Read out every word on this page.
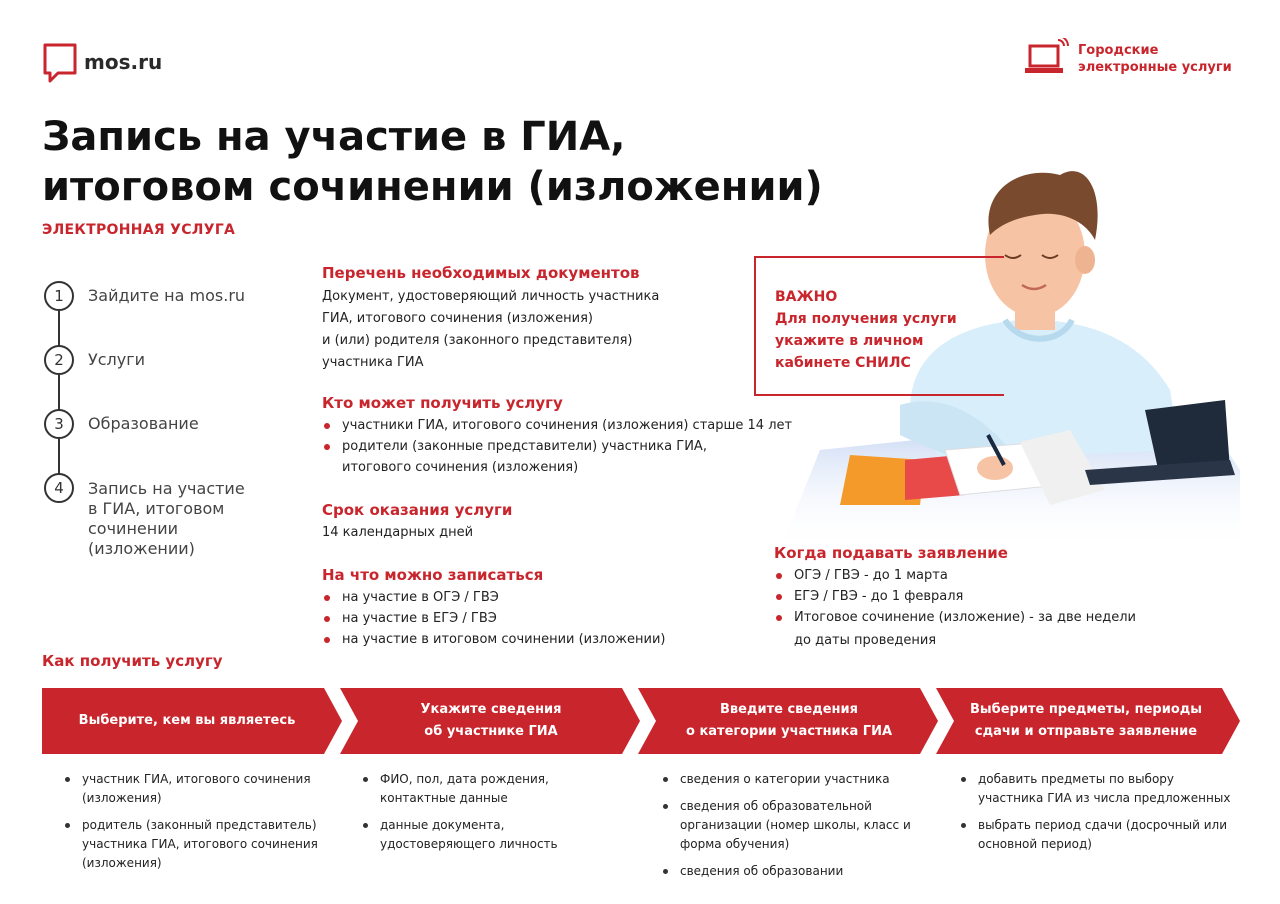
mos.ru	Городские
электронные услуги
Запись на участие в ГИА,
итоговом сочинении (изложении)
ЭЛЕКТРОННАЯ УСЛУГА
1	Зайдите на mos.ru
2	Услуги
3	Образование
4	Запись на участие
в ГИА, итоговом
сочинении
(изложении)
Перечень необходимых документов
Документ, удостоверяющий личность участника
ГИА, итогового сочинения (изложения)
и (или) родителя (законного представителя)
участника ГИА
Кто может получить услугу
участники ГИА, итогового сочинения (изложения) старше 14 лет
родители (законные представители) участника ГИА,
итогового сочинения (изложения)
Срок оказания услуги
14 календарных дней
На что можно записаться
на участие в ОГЭ / ГВЭ
на участие в ЕГЭ / ГВЭ
на участие в итоговом сочинении (изложении)
ВАЖНО
Для получения услуги
укажите в личном
кабинете СНИЛС
Когда подавать заявление
ОГЭ / ГВЭ - до 1 марта
ЕГЭ / ГВЭ - до 1 февраля
Итоговое сочинение (изложение) - за две недели
до даты проведения
Как получить услугу
Выберите, кем вы являетесь
Укажите сведения
об участнике ГИА
Введите сведения
о категории участника ГИА
Выберите предметы, периоды
сдачи и отправьте заявление
участник ГИА, итогового сочинения (изложения)
родитель (законный представитель) участника ГИА, итогового сочинения (изложения)
ФИО, пол, дата рождения, контактные данные
данные документа, удостоверяющего личность
сведения о категории участника
сведения об образовательной организации (номер школы, класс и форма обучения)
сведения об образовании
добавить предметы по выбору участника ГИА из числа предложенных
выбрать период сдачи (досрочный или основной период)
